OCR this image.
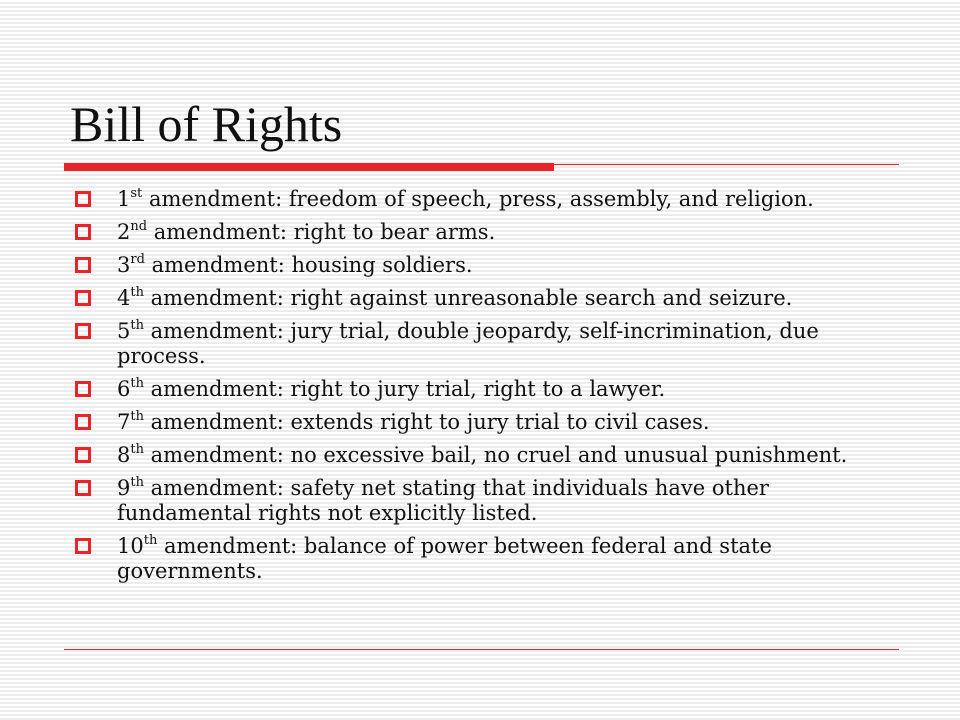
Bill of Rights
1st amendment: freedom of speech, press, assembly, and religion.
2nd amendment: right to bear arms.
3rd amendment: housing soldiers.
4th amendment: right against unreasonable search and seizure.
5th amendment: jury trial, double jeopardy, self-incrimination, due process.
6th amendment: right to jury trial, right to a lawyer.
7th amendment: extends right to jury trial to civil cases.
8th amendment: no excessive bail, no cruel and unusual punishment.
9th amendment: safety net stating that individuals have other fundamental rights not explicitly listed.
10th amendment: balance of power between federal and state governments.
